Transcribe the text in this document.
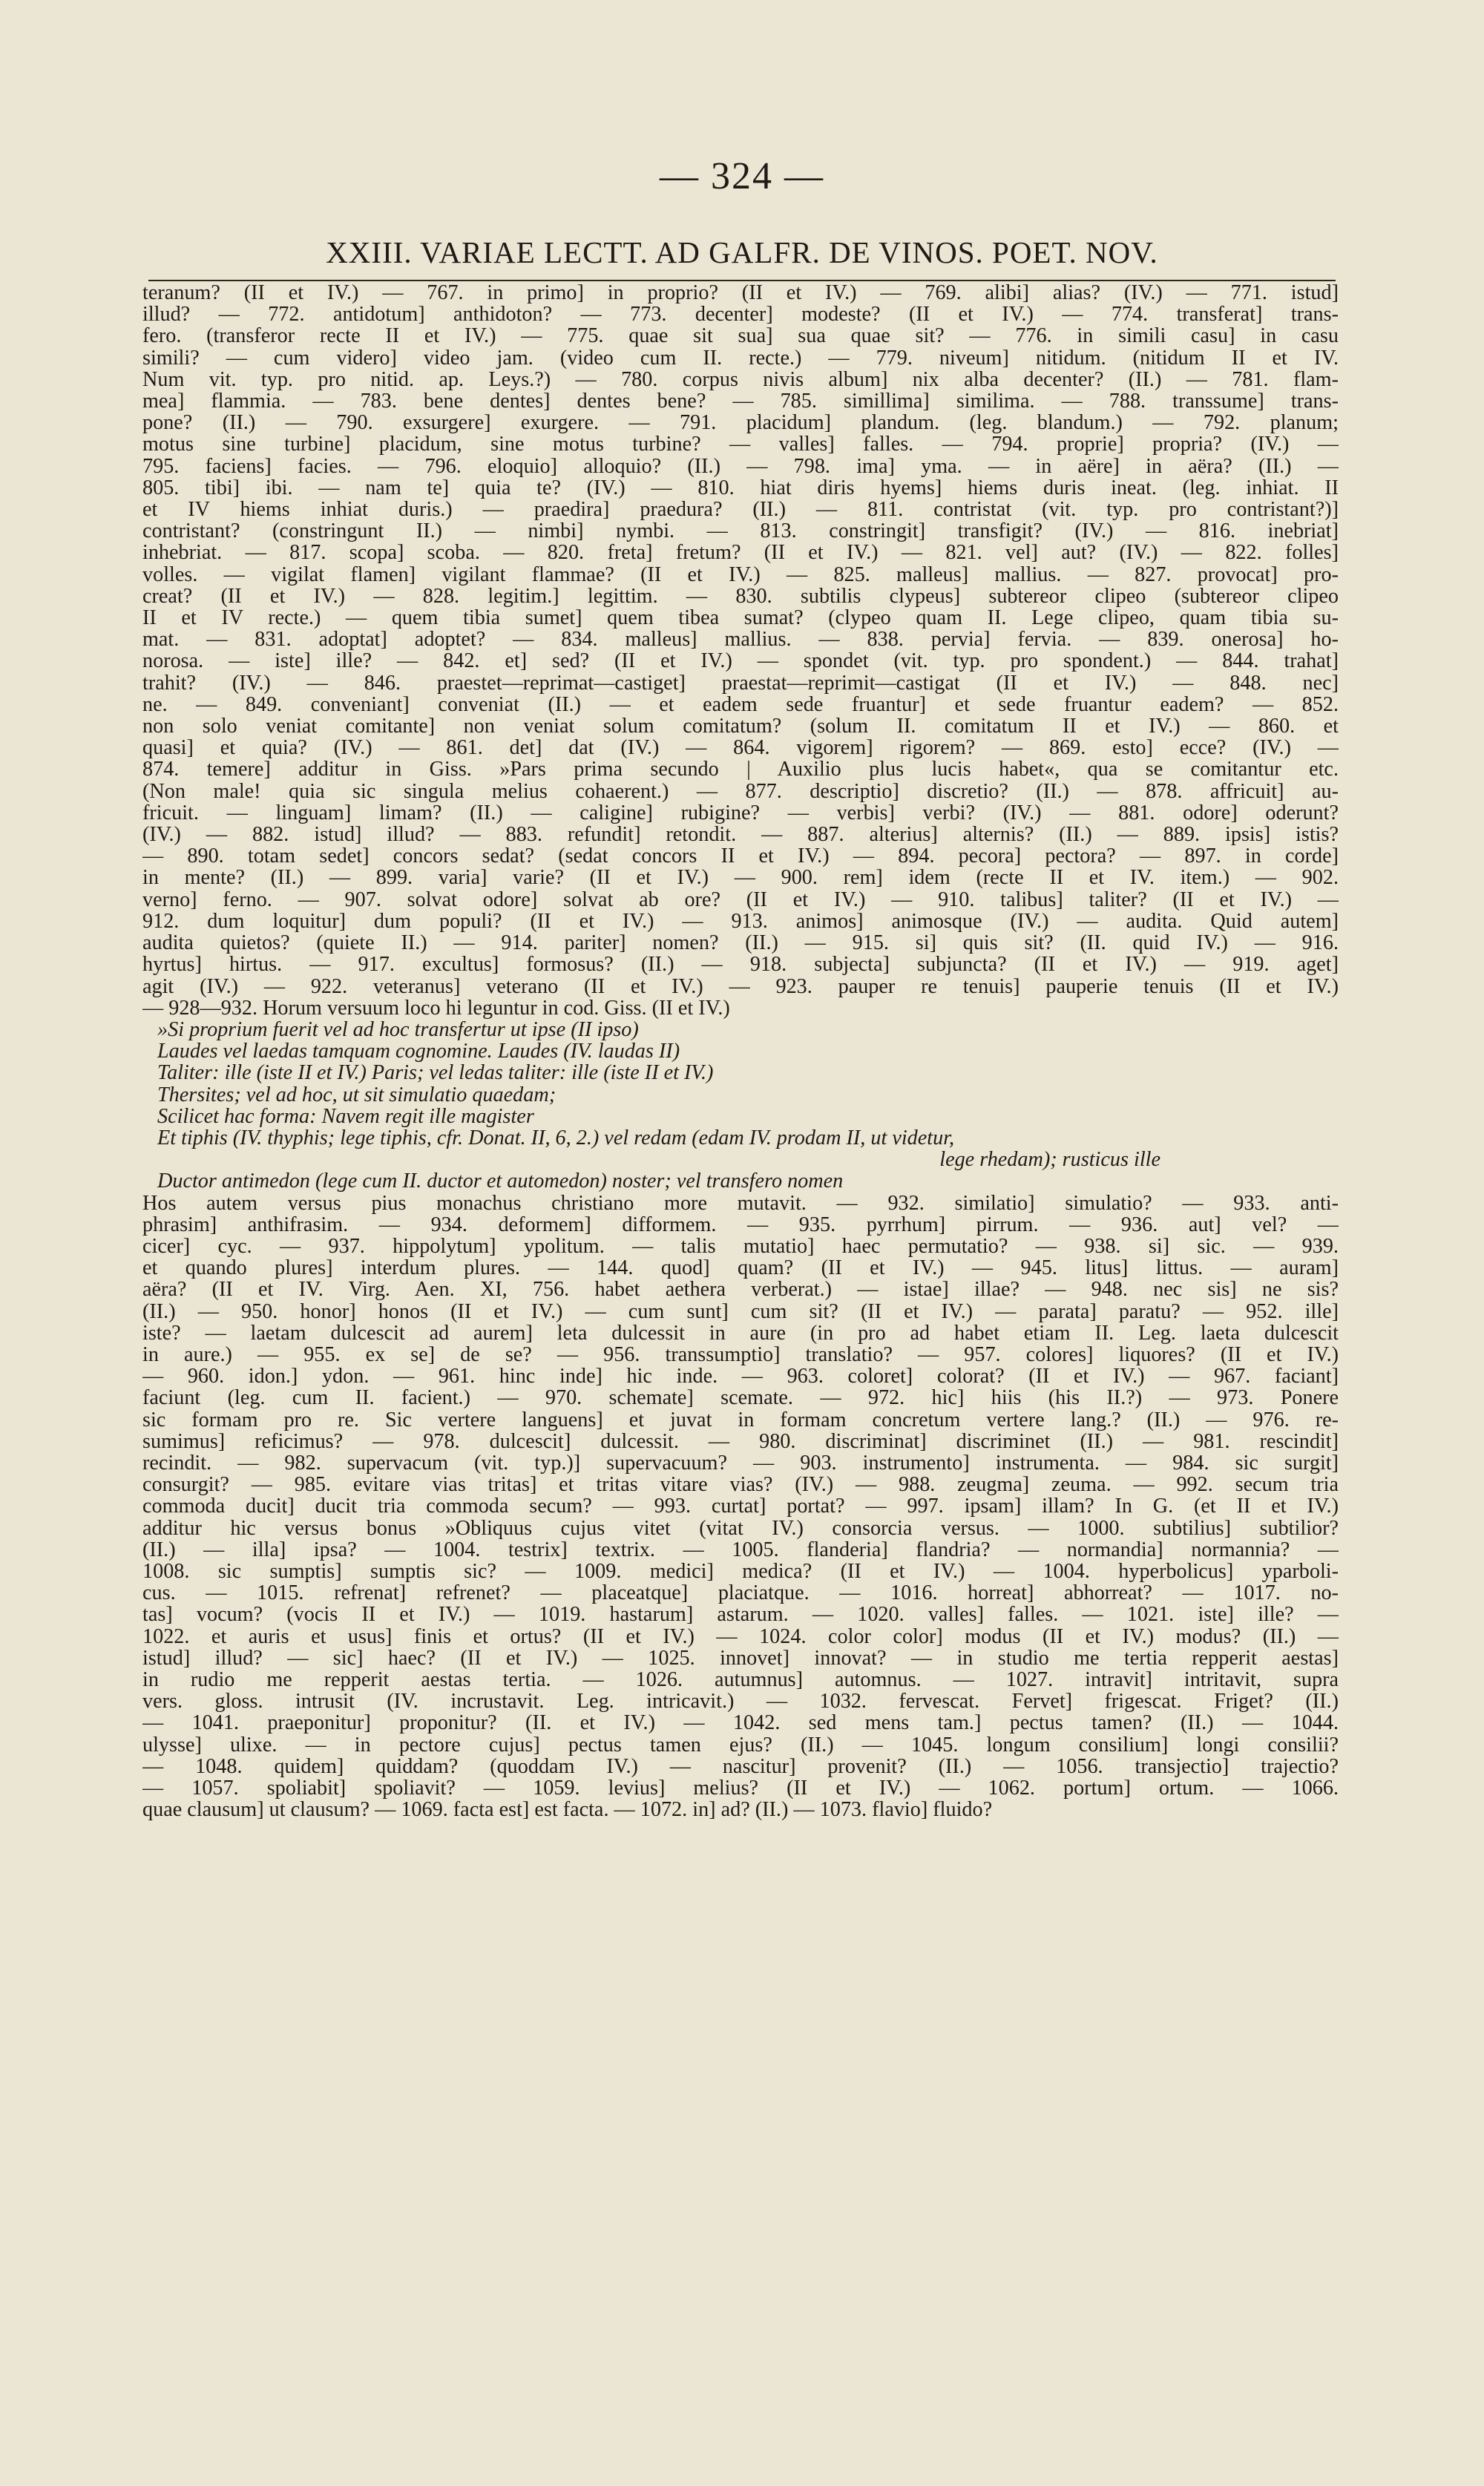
— 324 —
XXIII. VARIAE LECTT. AD GALFR. DE VINOS. POET. NOV.
teranum? (II et IV.) — 767. in primo] in proprio? (II et IV.) — 769. alibi] alias? (IV.) — 771. istud]
illud? — 772. antidotum] anthidoton? — 773. decenter] modeste? (II et IV.) — 774. transferat] trans-
fero. (transferor recte II et IV.) — 775. quae sit sua] sua quae sit? — 776. in simili casu] in casu
simili? — cum videro] video jam. (video cum II. recte.) — 779. niveum] nitidum. (nitidum II et IV.
Num vit. typ. pro nitid. ap. Leys.?) — 780. corpus nivis album] nix alba decenter? (II.) — 781. flam-
mea] flammia. — 783. bene dentes] dentes bene? — 785. simillima] similima. — 788. transsume] trans-
pone? (II.) — 790. exsurgere] exurgere. — 791. placidum] plandum. (leg. blandum.) — 792. planum;
motus sine turbine] placidum, sine motus turbine? — valles] falles. — 794. proprie] propria? (IV.) —
795. faciens] facies. — 796. eloquio] alloquio? (II.) — 798. ima] yma. — in aëre] in aëra? (II.) —
805. tibi] ibi. — nam te] quia te? (IV.) — 810. hiat diris hyems] hiems duris ineat. (leg. inhiat. II
et IV hiems inhiat duris.) — praedira] praedura? (II.) — 811. contristat (vit. typ. pro contristant?)]
contristant? (constringunt II.) — nimbi] nymbi. — 813. constringit] transfigit? (IV.) — 816. inebriat]
inhebriat. — 817. scopa] scoba. — 820. freta] fretum? (II et IV.) — 821. vel] aut? (IV.) — 822. folles]
volles. — vigilat flamen] vigilant flammae? (II et IV.) — 825. malleus] mallius. — 827. provocat] pro-
creat? (II et IV.) — 828. legitim.] legittim. — 830. subtilis clypeus] subtereor clipeo (subtereor clipeo
II et IV recte.) — quem tibia sumet] quem tibea sumat? (clypeo quam II. Lege clipeo, quam tibia su-
mat. — 831. adoptat] adoptet? — 834. malleus] mallius. — 838. pervia] fervia. — 839. onerosa] ho-
norosa. — iste] ille? — 842. et] sed? (II et IV.) — spondet (vit. typ. pro spondent.) — 844. trahat]
trahit? (IV.) — 846. praestet—reprimat—castiget] praestat—reprimit—castigat (II et IV.) — 848. nec]
ne. — 849. conveniant] conveniat (II.) — et eadem sede fruantur] et sede fruantur eadem? — 852.
non solo veniat comitante] non veniat solum comitatum? (solum II. comitatum II et IV.) — 860. et
quasi] et quia? (IV.) — 861. det] dat (IV.) — 864. vigorem] rigorem? — 869. esto] ecce? (IV.) —
874. temere] additur in Giss. »Pars prima secundo | Auxilio plus lucis habet«, qua se comitantur etc.
(Non male! quia sic singula melius cohaerent.) — 877. descriptio] discretio? (II.) — 878. affricuit] au-
fricuit. — linguam] limam? (II.) — caligine] rubigine? — verbis] verbi? (IV.) — 881. odore] oderunt?
(IV.) — 882. istud] illud? — 883. refundit] retondit. — 887. alterius] alternis? (II.) — 889. ipsis] istis?
— 890. totam sedet] concors sedat? (sedat concors II et IV.) — 894. pecora] pectora? — 897. in corde]
in mente? (II.) — 899. varia] varie? (II et IV.) — 900. rem] idem (recte II et IV. item.) — 902.
verno] ferno. — 907. solvat odore] solvat ab ore? (II et IV.) — 910. talibus] taliter? (II et IV.) —
912. dum loquitur] dum populi? (II et IV.) — 913. animos] animosque (IV.) — audita. Quid autem]
audita quietos? (quiete II.) — 914. pariter] nomen? (II.) — 915. si] quis sit? (II. quid IV.) — 916.
hyrtus] hirtus. — 917. excultus] formosus? (II.) — 918. subjecta] subjuncta? (II et IV.) — 919. aget]
agit (IV.) — 922. veteranus] veterano (II et IV.) — 923. pauper re tenuis] pauperie tenuis (II et IV.)
— 928—932. Horum versuum loco hi leguntur in cod. Giss. (II et IV.)
»Si proprium fuerit vel ad hoc transfertur ut ipse (II ipso)
Laudes vel laedas tamquam cognomine. Laudes (IV. laudas II)
Taliter: ille (iste II et IV.) Paris; vel ledas taliter: ille (iste II et IV.)
Thersites; vel ad hoc, ut sit simulatio quaedam;
Scilicet hac forma: Navem regit ille magister
Et tiphis (IV. thyphis; lege tiphis, cfr. Donat. II, 6, 2.) vel redam (edam IV. prodam II, ut videtur,
lege rhedam); rusticus ille
Ductor antimedon (lege cum II. ductor et automedon) noster; vel transfero nomen
Hos autem versus pius monachus christiano more mutavit. — 932. similatio] simulatio? — 933. anti-
phrasim] anthifrasim. — 934. deformem] difformem. — 935. pyrrhum] pirrum. — 936. aut] vel? —
cicer] cyc. — 937. hippolytum] ypolitum. — talis mutatio] haec permutatio? — 938. si] sic. — 939.
et quando plures] interdum plures. — 144. quod] quam? (II et IV.) — 945. litus] littus. — auram]
aëra? (II et IV. Virg. Aen. XI, 756. habet aethera verberat.) — istae] illae? — 948. nec sis] ne sis?
(II.) — 950. honor] honos (II et IV.) — cum sunt] cum sit? (II et IV.) — parata] paratu? — 952. ille]
iste? — laetam dulcescit ad aurem] leta dulcessit in aure (in pro ad habet etiam II. Leg. laeta dulcescit
in aure.) — 955. ex se] de se? — 956. transsumptio] translatio? — 957. colores] liquores? (II et IV.)
— 960. idon.] ydon. — 961. hinc inde] hic inde. — 963. coloret] colorat? (II et IV.) — 967. faciant]
faciunt (leg. cum II. facient.) — 970. schemate] scemate. — 972. hic] hiis (his II.?) — 973. Ponere
sic formam pro re. Sic vertere languens] et juvat in formam concretum vertere lang.? (II.) — 976. re-
sumimus] reficimus? — 978. dulcescit] dulcessit. — 980. discriminat] discriminet (II.) — 981. rescindit]
recindit. — 982. supervacum (vit. typ.)] supervacuum? — 903. instrumento] instrumenta. — 984. sic surgit]
consurgit? — 985. evitare vias tritas] et tritas vitare vias? (IV.) — 988. zeugma] zeuma. — 992. secum tria
commoda ducit] ducit tria commoda secum? — 993. curtat] portat? — 997. ipsam] illam? In G. (et II et IV.)
additur hic versus bonus »Obliquus cujus vitet (vitat IV.) consorcia versus. — 1000. subtilius] subtilior?
(II.) — illa] ipsa? — 1004. testrix] textrix. — 1005. flanderia] flandria? — normandia] normannia? —
1008. sic sumptis] sumptis sic? — 1009. medici] medica? (II et IV.) — 1004. hyperbolicus] yparboli-
cus. — 1015. refrenat] refrenet? — placeatque] placiatque. — 1016. horreat] abhorreat? — 1017. no-
tas] vocum? (vocis II et IV.) — 1019. hastarum] astarum. — 1020. valles] falles. — 1021. iste] ille? —
1022. et auris et usus] finis et ortus? (II et IV.) — 1024. color color] modus (II et IV.) modus? (II.) —
istud] illud? — sic] haec? (II et IV.) — 1025. innovet] innovat? — in studio me tertia repperit aestas]
in rudio me repperit aestas tertia. — 1026. autumnus] automnus. — 1027. intravit] intritavit, supra
vers. gloss. intrusit (IV. incrustavit. Leg. intricavit.) — 1032. fervescat. Fervet] frigescat. Friget? (II.)
— 1041. praeponitur] proponitur? (II. et IV.) — 1042. sed mens tam.] pectus tamen? (II.) — 1044.
ulysse] ulixe. — in pectore cujus] pectus tamen ejus? (II.) — 1045. longum consilium] longi consilii?
— 1048. quidem] quiddam? (quoddam IV.) — nascitur] provenit? (II.) — 1056. transjectio] trajectio?
— 1057. spoliabit] spoliavit? — 1059. levius] melius? (II et IV.) — 1062. portum] ortum. — 1066.
quae clausum] ut clausum? — 1069. facta est] est facta. — 1072. in] ad? (II.) — 1073. flavio] fluido?
